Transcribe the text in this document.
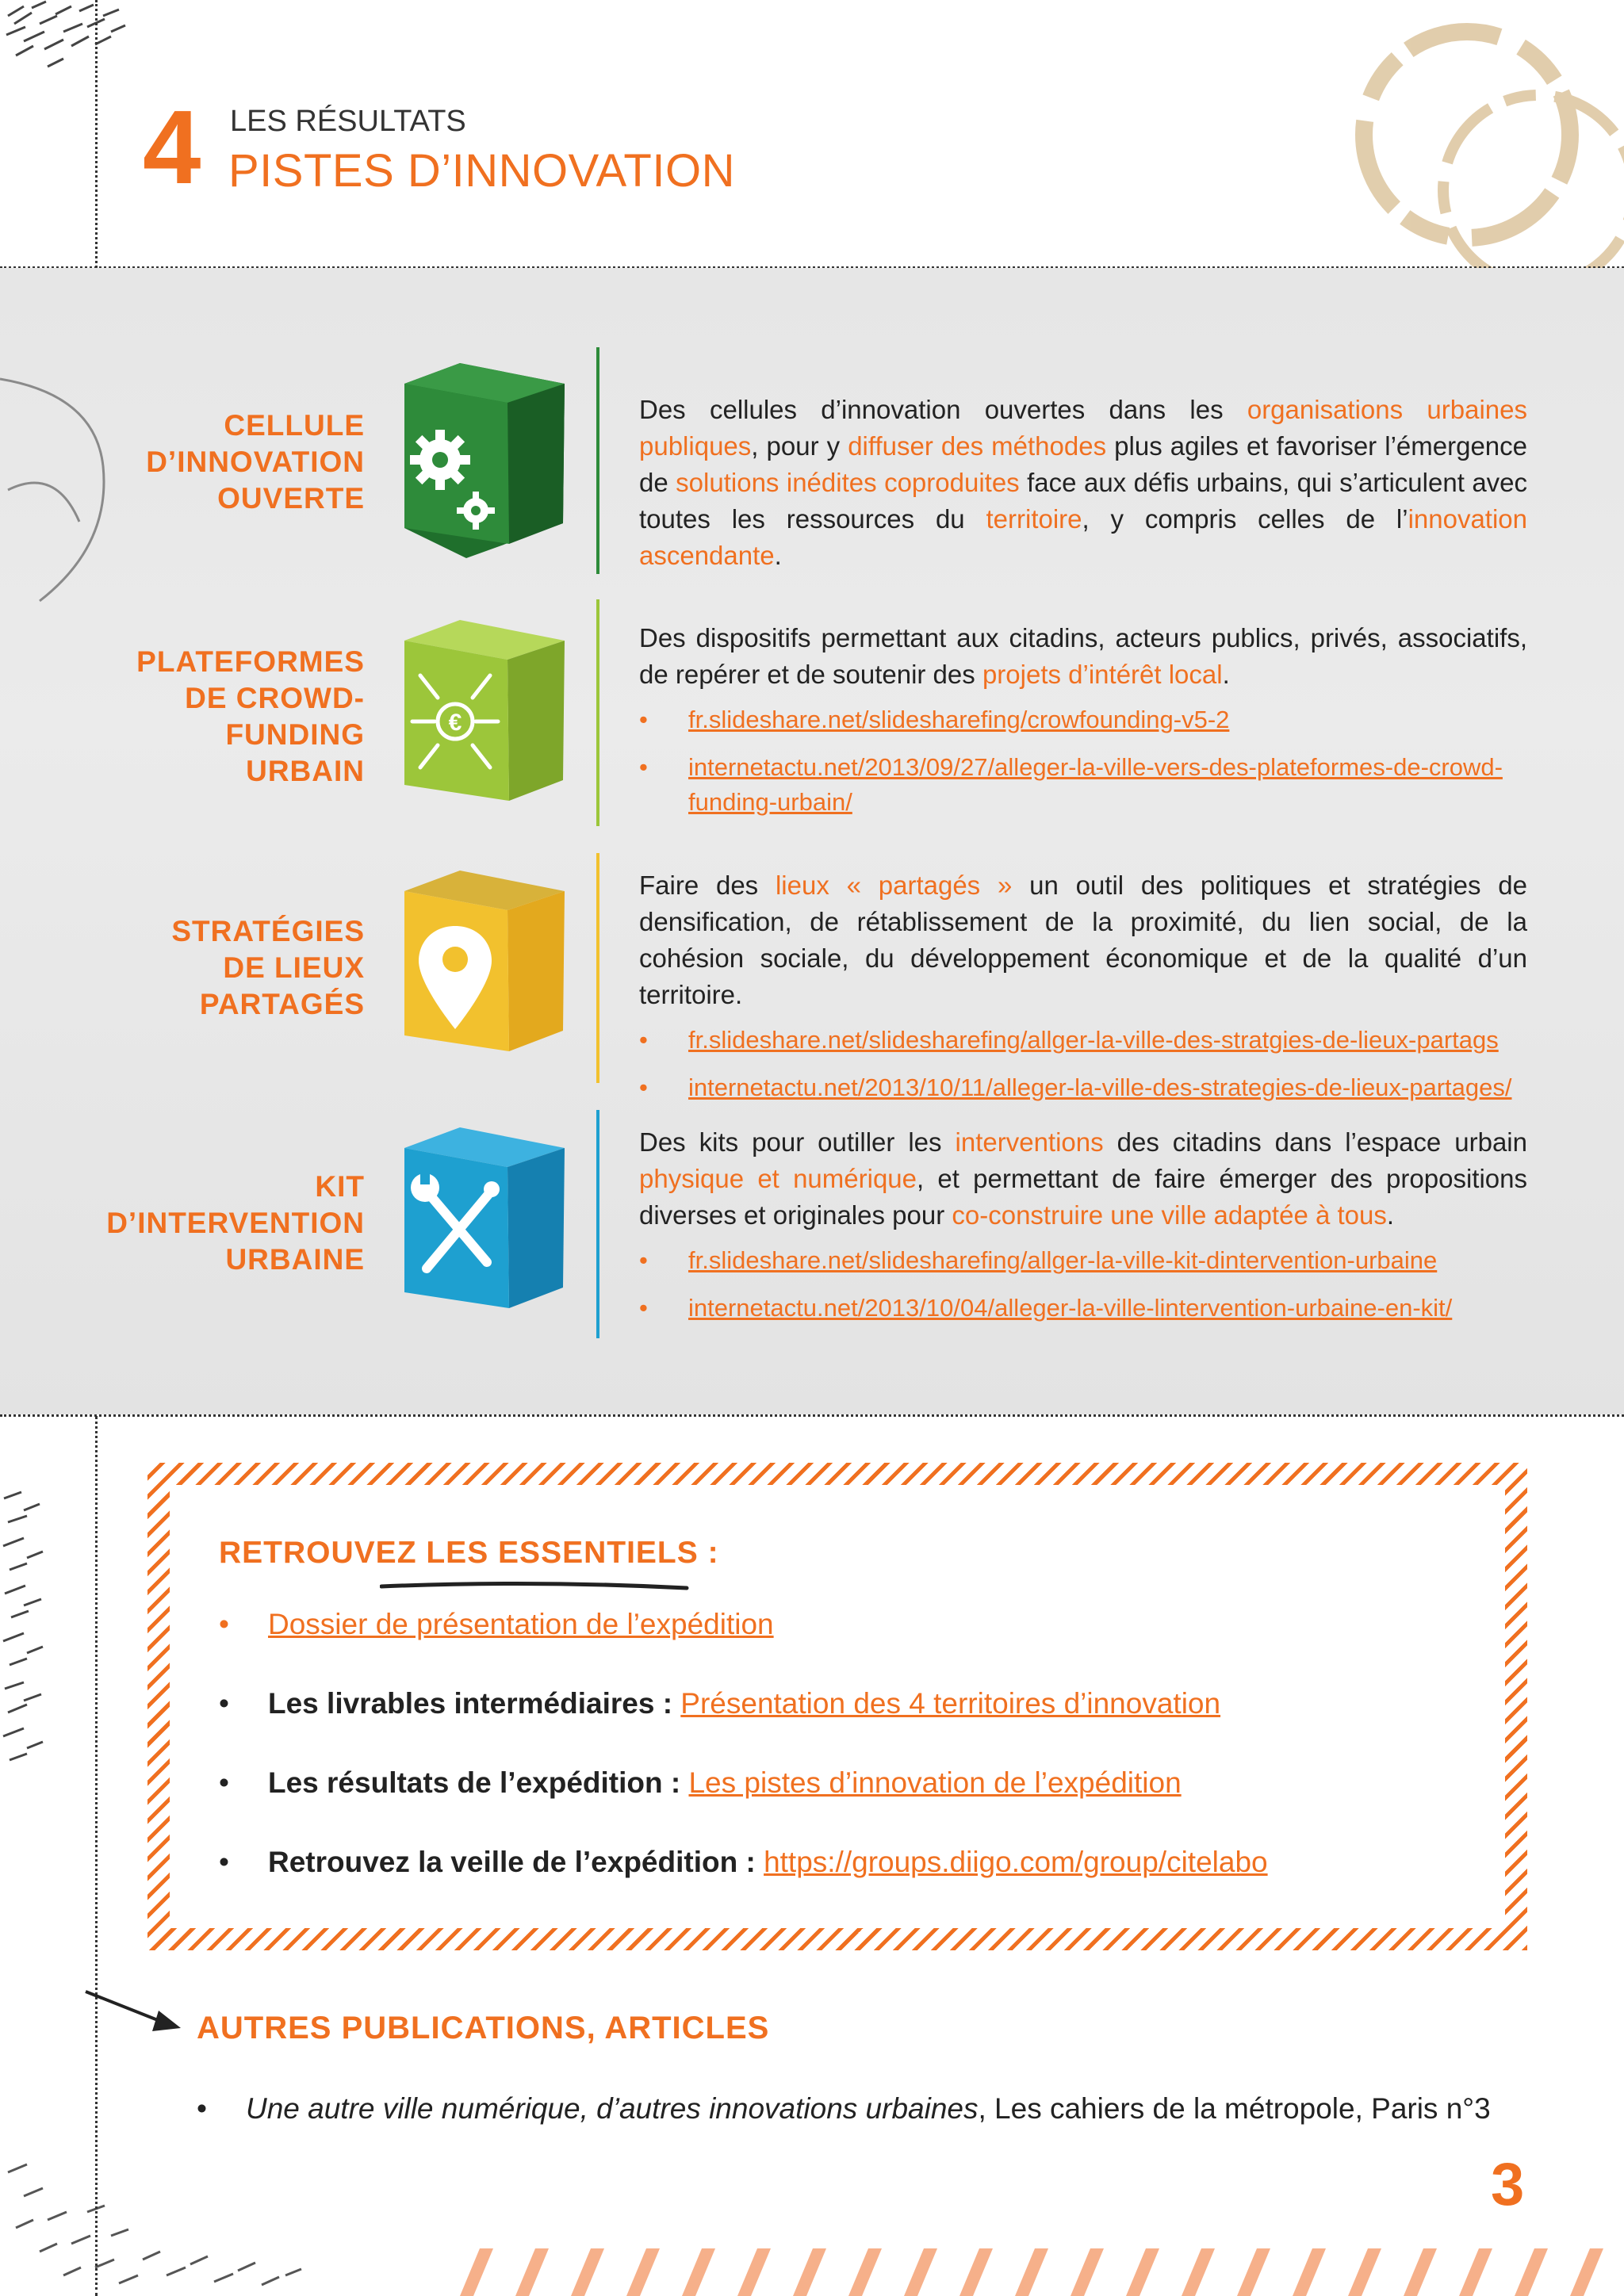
4 LES RÉSULTATS
PISTES D’INNOVATION
CELLULE
D’INNOVATION
OUVERTE

Des cellules d’innovation ouvertes dans les organisations urbaines publiques, pour y diffuser des méthodes plus agiles et favoriser l’émergence de solutions inédites coproduites face aux défis urbains, qui s’articulent avec toutes les ressources du territoire, y compris celles de l’innovation ascendante.

PLATEFORMES
DE CROWD-
FUNDING
URBAIN
€

Des dispositifs permettant aux citadins, acteurs publics, privés, associatifs, de repérer et de soutenir des projets d’intérêt local.

• fr.slideshare.net/slidesharefing/crowfounding-v5-2
• internetactu.net/2013/09/27/alleger-la-ville-vers-des-plateformes-de-crowd-funding-urbain/
STRATÉGIES
DE LIEUX
PARTAGÉS

Faire des lieux « partagés » un outil des politiques et stratégies de densification, de rétablissement de la proximité, du lien social, de la cohésion sociale, du développement économique et de la qualité d’un territoire.

• fr.slideshare.net/slidesharefing/allger-la-ville-des-stratgies-de-lieux-partags
• internetactu.net/2013/10/11/alleger-la-ville-des-strategies-de-lieux-partages/
KIT
D’INTERVENTION
URBAINE

Des kits pour outiller les interventions des citadins dans l’espace urbain physique et numérique, et permettant de faire émerger des propositions diverses et originales pour co-construire une ville adaptée à tous.

• fr.slideshare.net/slidesharefing/allger-la-ville-kit-dintervention-urbaine
• internetactu.net/2013/10/04/alleger-la-ville-lintervention-urbaine-en-kit/
RETROUVEZ LES ESSENTIELS :
• Dossier de présentation de l’expédition
• Les livrables intermédiaires : Présentation des 4 territoires d’innovation
• Les résultats de l’expédition : Les pistes d’innovation de l’expédition
• Retrouvez la veille de l’expédition : https://groups.diigo.com/group/citelabo
AUTRES PUBLICATIONS, ARTICLES
• Une autre ville numérique, d’autres innovations urbaines, Les cahiers de la métropole, Paris n°3
3
